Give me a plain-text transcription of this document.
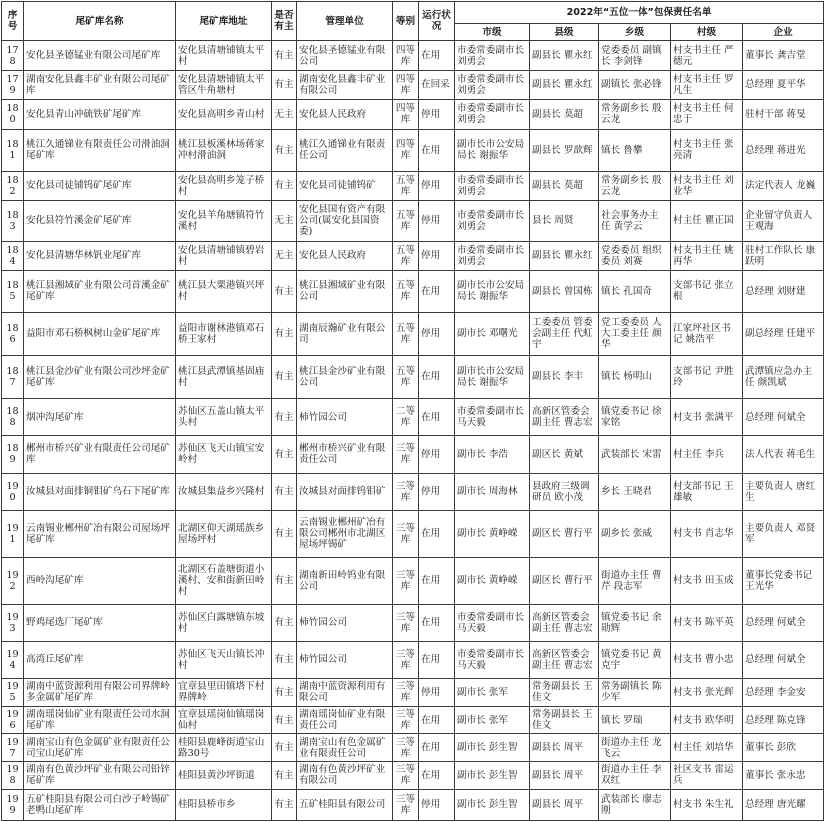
序号	尾矿库名称	尾矿库地址	是否有主	管理单位	等别	运行状况	2022年“五位一体”包保责任名单				
							市级	县级	乡级	村级	企业
178	安化县圣德锰业有限公司尾矿库	安化县清塘铺镇太平村	有主	安化县圣德锰业有限公司	四等库	在用	市委常委副市长 刘勇会	副县长 瞿永红	党委委员 副镇长 李剑锋	村支书主任 严德元	董事长 龚吉堂
179	湖南安化县鑫丰矿业有限公司尾矿库	安化县清塘铺镇太平管区牛角塘村	有主	湖南安化县鑫丰矿业有限公司	四等库	在回采	市委常委副市长 刘勇会	副县长 瞿永红	副镇长 张必锋	村支书主任 罗凡生	总经理 夏平华
180	安化县青山冲硫铁矿尾矿库	安化县高明乡青山村	无主	安化县人民政府	四等库	停用	市委常委副市长 刘勇会	副县长 莫超	常务副乡长 殷云龙	村支书主任 何忠于	驻村干部 蒋旻
181	桃江久通锑业有限责任公司滑油洞尾矿库	桃江县板溪林场蒋家冲村滑油洞	有主	桃江久通锑业有限责任公司	四等库	在用	副市长市公安局局长 谢振华	副县长 罗歆辉	镇长 鲁攀	村支书主任 张亮清	总经理 蒋进光
182	安化县司徒铺钨矿尾矿库	安化县高明乡笼子桥村	有主	安化县司徒铺钨矿	五等库	停用	市委常委副市长 刘勇会	副县长 莫超	常务副乡长 殷云龙	村支书主任 刘业华	法定代表人 龙巍
183	安化县符竹溪金矿尾矿库	安化县羊角塘镇符竹溪村	无主	安化县国有资产有限公司(属安化县国资委)	五等库	停用	市委常委副市长 刘勇会	县长 周贤	社会事务办主任 黄学云	村主任 瞿正国	企业留守负责人 王观海
184	安化县清塘华林钒业尾矿库	安化县清塘铺镇碧岩村	无主	安化县人民政府	五等库	停用	市委常委副市长 刘勇会	副县长 瞿永红	党委委员 组织委员 刘赛	村支书主任 姚再华	驻村工作队长 康跃明
185	桃江县湘域矿业有限公司首溪金矿尾矿库	桃江县大栗港镇兴坪村	有主	桃江县湘域矿业有限公司	五等库	在用	副市长市公安局局长 谢振华	副县长 曾国栋	镇长 孔国奇	支部书记 张立根	总经理 刘财建
186	益阳市邓石桥枫树山金矿尾矿库	益阳市谢林港镇邓石桥王家村	有主	湖南辰瀚矿业有限公司	五等库	停用	副市长 邓曙光	工委委员 管委会副主任 代虹宇	党工委委员 人大工委主任 颜华	江家坪社区书记 姚浩平	副总经理 任建平
187	桃江县金沙矿业有限公司沙坪金矿尾矿库	桃江县武潭镇基固庙村	有主	桃江县金沙矿业有限公司	五等库	在用	副市长市公安局局长 谢振华	副县长 李丰	镇长 杨明山	支部书记 尹胜玲	武潭镇应急办主任 颜凯斌
188	烟冲沟尾矿库	苏仙区五盖山镇太平头村	有主	柿竹园公司	二等库	在用	市委常委副市长 马天毅	高新区管委会副主任 曹志宏	镇党委书记 徐家铭	村支书 张满平	总经理 何斌全
189	郴州市桥兴矿业有限责任公司尾矿库	苏仙区飞天山镇宝安岭村	有主	郴州市桥兴矿业有限责任公司	三等库	停用	副市长 李浩	副区长 黄斌	武装部长 宋雷	村主任 李兵	法人代表 蒋毛生
190	汝城县对面排铜钼矿乌石下尾矿库	汝城县集益乡兴隆村	有主	汝城县对面排钨钼矿	三等库	停用	副市长 周海林	县政府三级调研员 欧小茂	乡长 王晓君	村支部书记 王雄敏	主要负责人 唐红生
191	云南锡业郴州矿冶有限公司屋场坪尾矿库	北湖区仰天湖瑶族乡屋场坪村	有主	云南锡业郴州矿冶有限公司郴州市北湖区屋场坪锡矿	三等库	在用	副市长 黄峥嵘	副区长 曹行平	副乡长 张威	村支书 肖志华	主要负责人 邓贤军
192	西岭沟尾矿库	北湖区石盖塘街道小溪村、安和街新田岭村	有主	湖南新田岭钨业有限公司	三等库	在用	副市长 黄峥嵘	副区长 曹行平	街道办主任 曹芹 段志军	村支书 田玉成	董事长党委书记 王光华
193	野鸡尾选厂尾矿库	苏仙区白露塘镇东坡村	有主	柿竹园公司	三等库	在用	市委常委副市长 马天毅	高新区管委会副主任 曹志宏	镇党委书记 余勋辉	村支书 陈平英	总经理 何斌全
194	高湾丘尾矿库	苏仙区飞天山镇长冲村	有主	柿竹园公司	三等库	在用	市委常委副市长 马天毅	高新区管委会副主任 曹志宏	镇党委书记 黄克宇	村支书 曹小忠	总经理 何斌全
195	湖南中蓝资源利用有限公司界牌岭多金属矿尾矿库	宜章县里田镇塔下村界牌岭	有主	湖南中蓝资源利用有限公司	三等库	停用	副市长 张军	常务副县长 王佳文	常务副镇长 陈少军	村支书 张光辉	总经理 李金安
196	湖南瑶岗仙矿业有限责任公司水洞尾矿库	宜章县瑶岗仙镇瑶岗仙村	有主	湖南瑶岗仙矿业有限责任公司	三等库	在用	副市长 张军	常务副县长 王佳文	镇长 罗瑞	村支书 欧华明	总经理 陈克锋
197	湖南宝山有色金属矿业有限责任公司宝山尾矿库	桂阳县鹿峰街道宝山路30号	有主	湖南宝山有色金属矿业有限责任公司	三等库	在用	副市长 彭生智	副县长 周平	街道办主任 龙飞云	村主任 刘培华	董事长 彭欣
198	湖南有色黄沙坪矿业有限公司铅锌尾矿库	桂阳县黄沙坪街道	有主	湖南有色黄沙坪矿业有限公司	三等库	在用	副市长 彭生智	副县长 周平	街道办主任 李双红	社区支书 雷运兵	董事长 张永忠
199	五矿桂阳县有限公司白沙子岭锡矿老鸭山尾矿库	桂阳县桥市乡	有主	五矿桂阳县有限公司	三等库	停用	副市长 彭生智	副县长 周平	武装部长 廖志刚	村支书 朱生礼	总经理 唐光耀
